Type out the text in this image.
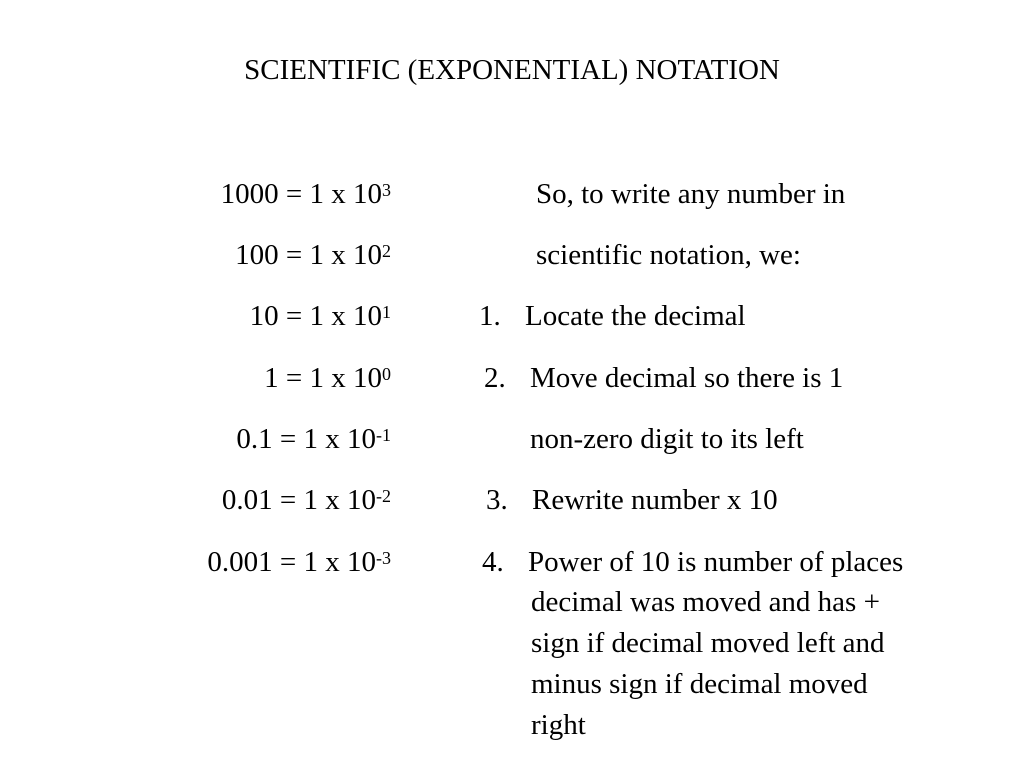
SCIENTIFIC (EXPONENTIAL) NOTATION
1000 = 1 x $10^3$
100 = 1 x $10^2$
10 = 1 x $10^1$
1 = 1 x $10^0$
0.1 = 1 x $10^{-1}$
0.01 = 1 x $10^{-2}$
0.001 = 1 x $10^{-3}$
So, to write any number in
scientific notation, we:
1. Locate the decimal
2. Move decimal so there is 1
non-zero digit to its left
3. Rewrite number x 10
4. Power of 10 is number of places
decimal was moved and has +
sign if decimal moved left and
minus sign if decimal moved
right
